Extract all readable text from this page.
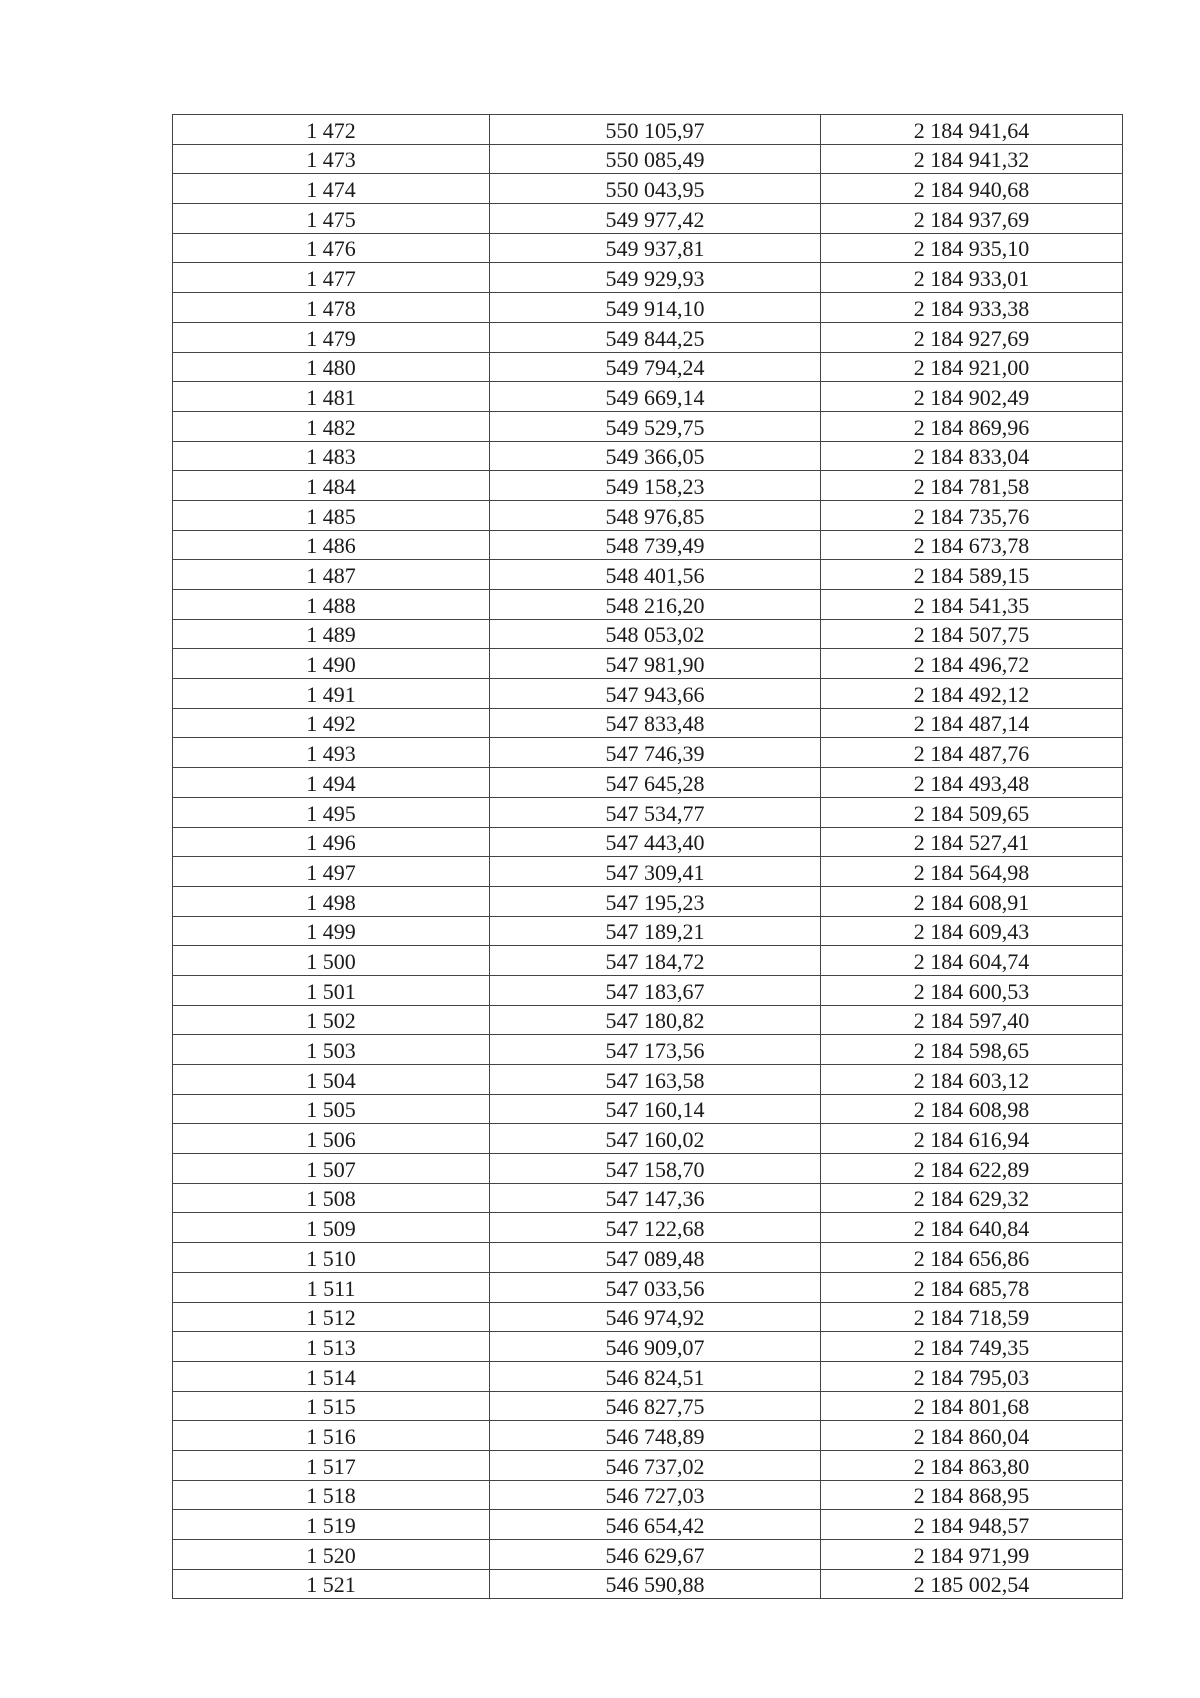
1 472	550 105,97	2 184 941,64
1 473	550 085,49	2 184 941,32
1 474	550 043,95	2 184 940,68
1 475	549 977,42	2 184 937,69
1 476	549 937,81	2 184 935,10
1 477	549 929,93	2 184 933,01
1 478	549 914,10	2 184 933,38
1 479	549 844,25	2 184 927,69
1 480	549 794,24	2 184 921,00
1 481	549 669,14	2 184 902,49
1 482	549 529,75	2 184 869,96
1 483	549 366,05	2 184 833,04
1 484	549 158,23	2 184 781,58
1 485	548 976,85	2 184 735,76
1 486	548 739,49	2 184 673,78
1 487	548 401,56	2 184 589,15
1 488	548 216,20	2 184 541,35
1 489	548 053,02	2 184 507,75
1 490	547 981,90	2 184 496,72
1 491	547 943,66	2 184 492,12
1 492	547 833,48	2 184 487,14
1 493	547 746,39	2 184 487,76
1 494	547 645,28	2 184 493,48
1 495	547 534,77	2 184 509,65
1 496	547 443,40	2 184 527,41
1 497	547 309,41	2 184 564,98
1 498	547 195,23	2 184 608,91
1 499	547 189,21	2 184 609,43
1 500	547 184,72	2 184 604,74
1 501	547 183,67	2 184 600,53
1 502	547 180,82	2 184 597,40
1 503	547 173,56	2 184 598,65
1 504	547 163,58	2 184 603,12
1 505	547 160,14	2 184 608,98
1 506	547 160,02	2 184 616,94
1 507	547 158,70	2 184 622,89
1 508	547 147,36	2 184 629,32
1 509	547 122,68	2 184 640,84
1 510	547 089,48	2 184 656,86
1 511	547 033,56	2 184 685,78
1 512	546 974,92	2 184 718,59
1 513	546 909,07	2 184 749,35
1 514	546 824,51	2 184 795,03
1 515	546 827,75	2 184 801,68
1 516	546 748,89	2 184 860,04
1 517	546 737,02	2 184 863,80
1 518	546 727,03	2 184 868,95
1 519	546 654,42	2 184 948,57
1 520	546 629,67	2 184 971,99
1 521	546 590,88	2 185 002,54
